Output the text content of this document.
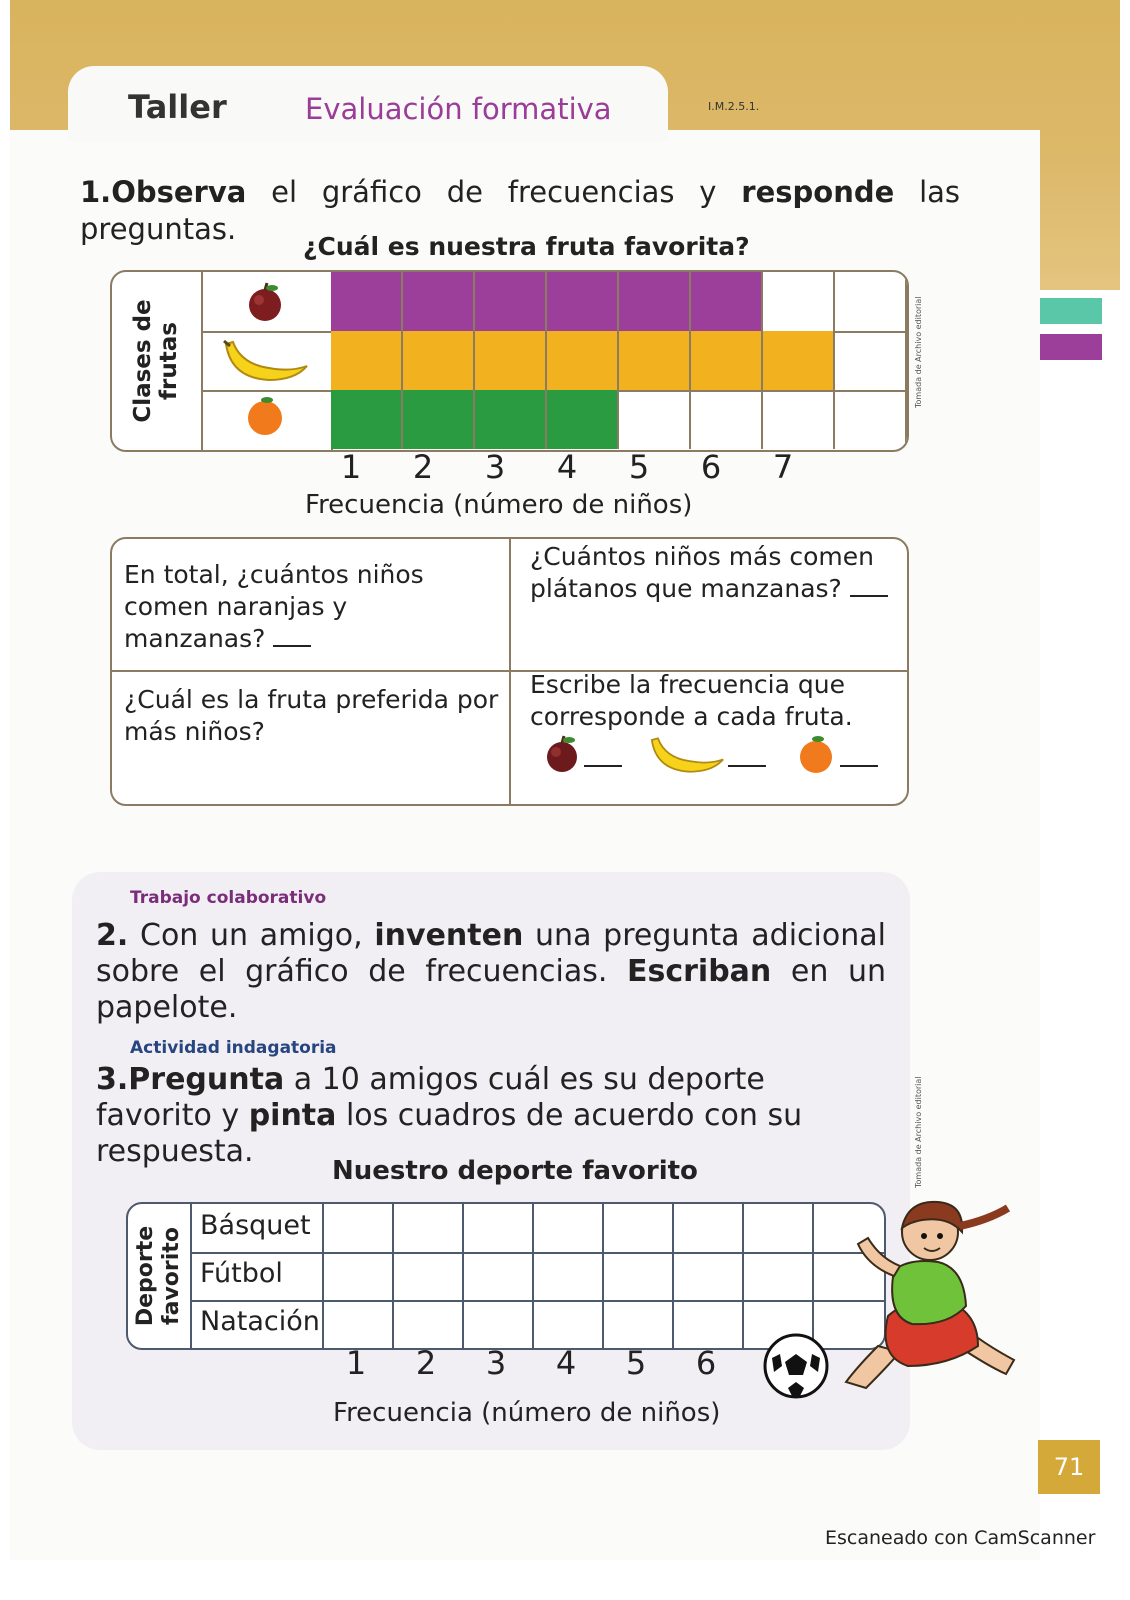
Taller	Evaluación formativa	I.M.2.5.1.
1.Observa el gráfico de frecuencias y responde las preguntas.
¿Cuál es nuestra fruta favorita?
Clases de
frutas
1 2 3 4 5 6 7
Frecuencia (número de niños)
Tomada de Archivo editorial
En total, ¿cuántos niños comen naranjas y manzanas?
¿Cuántos niños más comen plátanos que manzanas?
¿Cuál es la fruta preferida por más niños?
Escribe la frecuencia que corresponde a cada fruta.
Trabajo colaborativo
2. Con un amigo, inventen una pregunta adicional sobre el gráfico de frecuencias. Escriban en un papelote.
Actividad indagatoria
3.Pregunta a 10 amigos cuál es su deporte favorito y pinta los cuadros de acuerdo con su respuesta.	Tomada de Archivo editorial
Nuestro deporte favorito
Deporte
favorito
Básquet
Fútbol
Natación
1 2 3 4 5 6
Frecuencia (número de niños)
71
Escaneado con CamScanner
